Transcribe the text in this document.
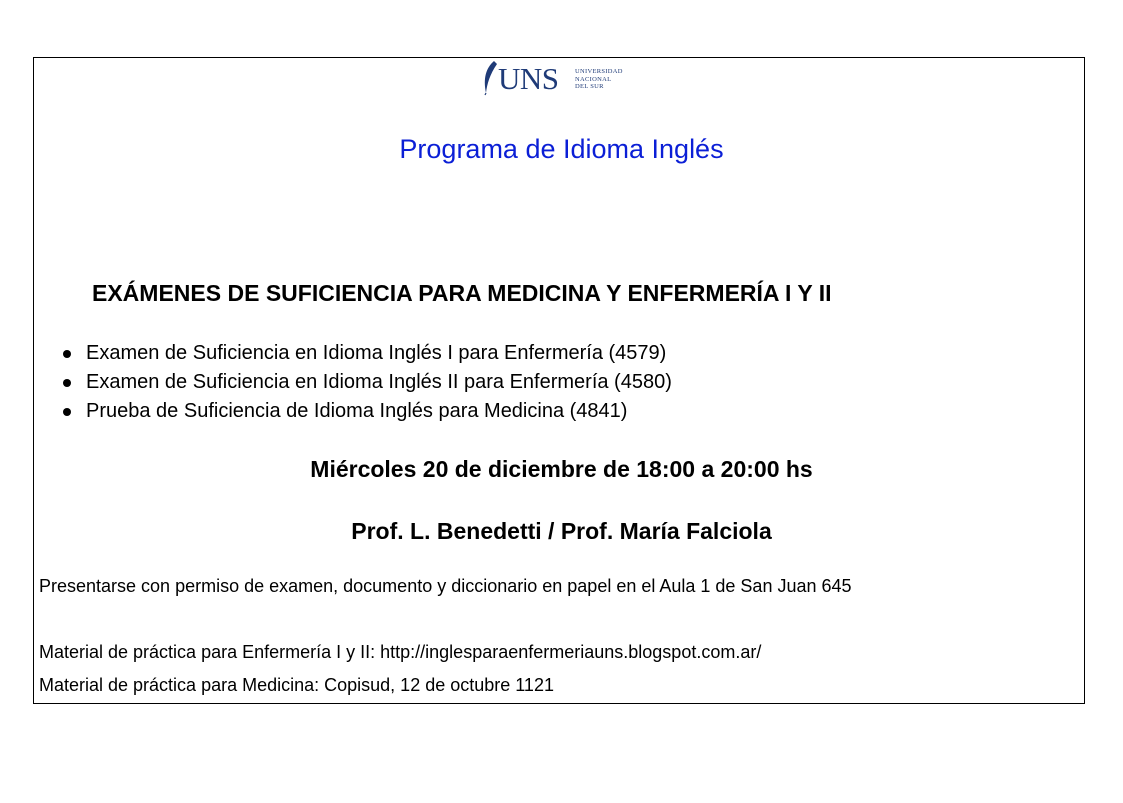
UNS	UNIVERSIDAD
NACIONAL
DEL SUR
Programa de Idioma Inglés
EXÁMENES DE SUFICIENCIA PARA MEDICINA Y ENFERMERÍA I Y II
Examen de Suficiencia en Idioma Inglés I para Enfermería (4579)
Examen de Suficiencia en Idioma Inglés II para Enfermería (4580)
Prueba de Suficiencia de Idioma Inglés para Medicina (4841)
Miércoles 20 de diciembre de 18:00 a 20:00 hs
Prof. L. Benedetti / Prof. María Falciola
Presentarse con permiso de examen, documento y diccionario en papel en el Aula 1 de San Juan 645
Material de práctica para Enfermería I y II: http://inglesparaenfermeriauns.blogspot.com.ar/
Material de práctica para Medicina: Copisud, 12 de octubre 1121
